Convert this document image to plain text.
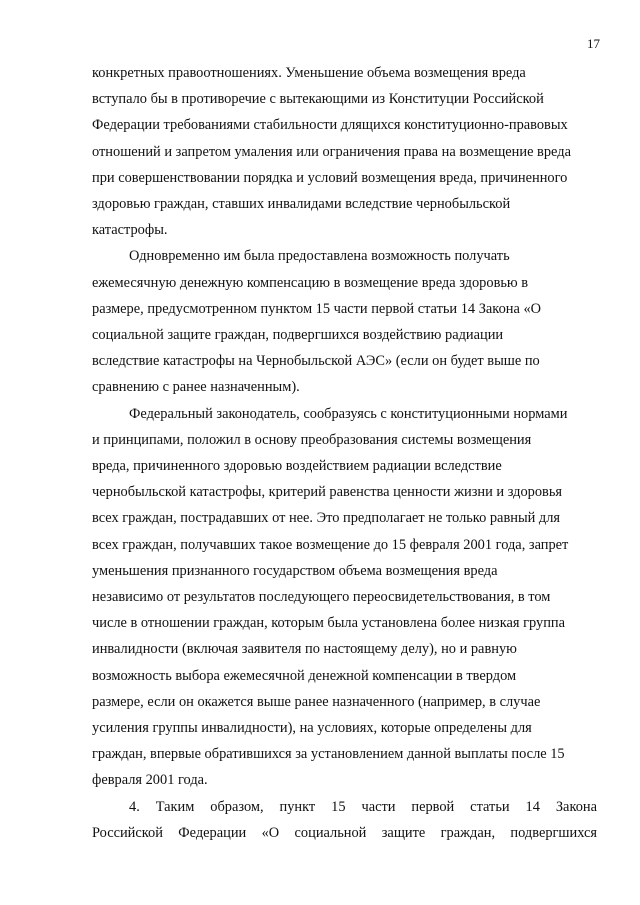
17

конкретных правоотношениях. Уменьшение объема возмещения вреда
вступало бы в противоречие с вытекающими из Конституции Российской
Федерации требованиями стабильности длящихся конституционно-правовых
отношений и запретом умаления или ограничения права на возмещение вреда
при совершенствовании порядка и условий возмещения вреда, причиненного
здоровью граждан, ставших инвалидами вследствие чернобыльской
катастрофы.

Одновременно им была предоставлена возможность получать
ежемесячную денежную компенсацию в возмещение вреда здоровью в
размере, предусмотренном пунктом 15 части первой статьи 14 Закона «О
социальной защите граждан, подвергшихся воздействию радиации
вследствие катастрофы на Чернобыльской АЭС» (если он будет выше по
сравнению с ранее назначенным).

Федеральный законодатель, сообразуясь с конституционными нормами
и принципами, положил в основу преобразования системы возмещения
вреда, причиненного здоровью воздействием радиации вследствие
чернобыльской катастрофы, критерий равенства ценности жизни и здоровья
всех граждан, пострадавших от нее. Это предполагает не только равный для
всех граждан, получавших такое возмещение до 15 февраля 2001 года, запрет
уменьшения признанного государством объема возмещения вреда
независимо от результатов последующего переосвидетельствования, в том
числе в отношении граждан, которым была установлена более низкая группа
инвалидности (включая заявителя по настоящему делу), но и равную
возможность выбора ежемесячной денежной компенсации в твердом
размере, если он окажется выше ранее назначенного (например, в случае
усиления группы инвалидности), на условиях, которые определены для
граждан, впервые обратившихся за установлением данной выплаты после 15
февраля 2001 года.

4. Таким образом, пункт 15 части первой статьи 14 Закона
Российской Федерации «О социальной защите граждан, подвергшихся
